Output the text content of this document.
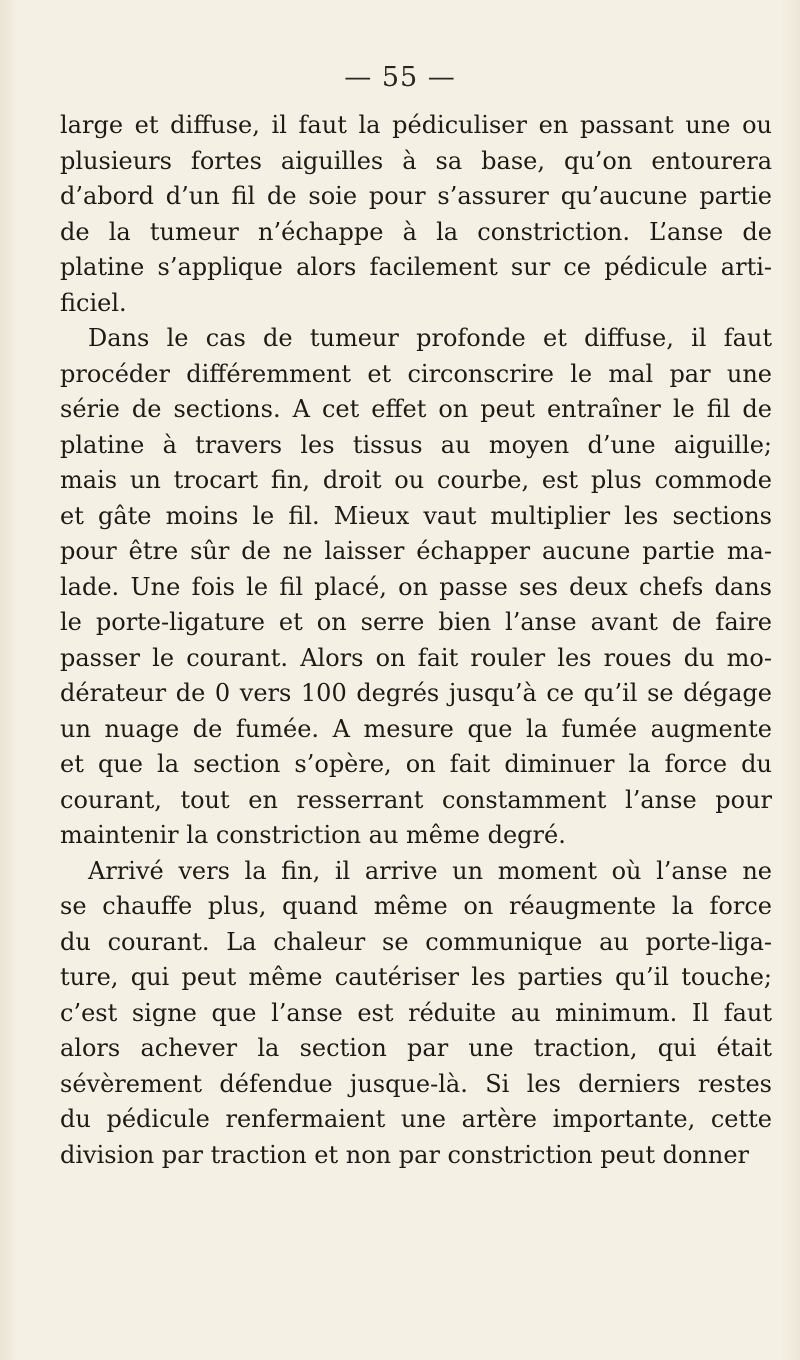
— 55 —
large et diffuse, il faut la pédiculiser en passant une ou
plusieurs fortes aiguilles à sa base, qu’on entourera
d’abord d’un fil de soie pour s’assurer qu’aucune partie
de la tumeur n’échappe à la constriction. L’anse de
platine s’applique alors facilement sur ce pédicule arti-
ficiel.
Dans le cas de tumeur profonde et diffuse, il faut
procéder différemment et circonscrire le mal par une
série de sections. A cet effet on peut entraîner le fil de
platine à travers les tissus au moyen d’une aiguille;
mais un trocart fin, droit ou courbe, est plus commode
et gâte moins le fil. Mieux vaut multiplier les sections
pour être sûr de ne laisser échapper aucune partie ma-
lade. Une fois le fil placé, on passe ses deux chefs dans
le porte-ligature et on serre bien l’anse avant de faire
passer le courant. Alors on fait rouler les roues du mo-
dérateur de 0 vers 100 degrés jusqu’à ce qu’il se dégage
un nuage de fumée. A mesure que la fumée augmente
et que la section s’opère, on fait diminuer la force du
courant, tout en resserrant constamment l’anse pour
maintenir la constriction au même degré.
Arrivé vers la fin, il arrive un moment où l’anse ne
se chauffe plus, quand même on réaugmente la force
du courant. La chaleur se communique au porte-liga-
ture, qui peut même cautériser les parties qu’il touche;
c’est signe que l’anse est réduite au minimum. Il faut
alors achever la section par une traction, qui était
sévèrement défendue jusque-là. Si les derniers restes
du pédicule renfermaient une artère importante, cette
division par traction et non par constriction peut donner
